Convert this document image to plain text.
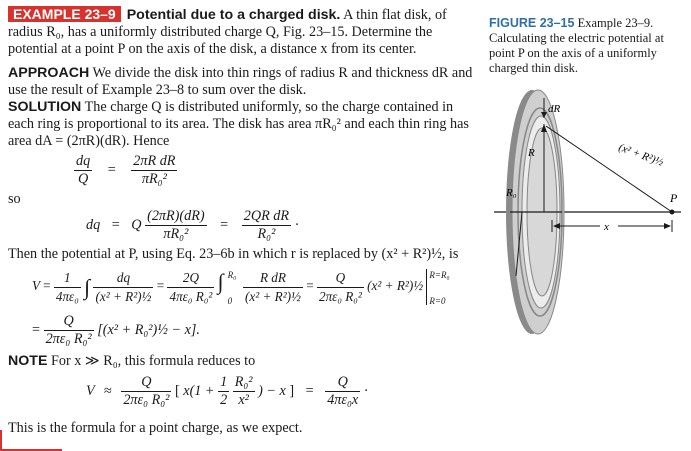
EXAMPLE 23–9 Potential due to a charged disk. A thin flat disk, of radius R₀, has a uniformly distributed charge Q, Fig. 23–15. Determine the potential at a point P on the axis of the disk, a distance x from its center.

APPROACH We divide the disk into thin rings of radius R and thickness dR and use the result of Example 23–8 to sum over the disk.

SOLUTION The charge Q is distributed uniformly, so the charge contained in each ring is proportional to its area. The disk has area πR₀² and each thin ring has area dA = (2πR)(dR). Hence

$\frac{dq}{Q} = \frac{\text{2πR dR}}{\text{πR₀²}}$

so

dq = Q $\frac{(2\pi R)(dR)}{\text{πR₀²}} = \frac{\text{2QR dR}}{\text{R₀²}}$ ·

Then the potential at P, using Eq. 23–6b in which r is replaced by (x² + R²)½, is

$V = \frac{1}{\text{4πε₀}}$ ∫ $\frac{dq}{\text{(x² + R²)½}} = \frac{2Q}{\text{4πε₀ R₀²}}$
∫ R₀
0
$\frac{\text{R dR}}{\text{(x² + R²)½}} = \frac{Q}{\text{2πε₀ R₀²}} (x^2$ + R²)½
R=R₀
R=0
= $\frac{Q}{\text{2πε₀ R₀²}} [(x^2$ + R₀²)½ − x].

NOTE For x ≫ R₀, this formula reduces to

$V \approx \frac{Q}{\text{2πε₀ R₀²}}$ [ $x(1 + \frac{1}{2}$
$\frac{\text{R₀²}}{\text{x²}}$ ) − x ] = $\frac{Q}{\text{4πε₀x}}$ ·

This is the formula for a point charge, as we expect.

FIGURE 23–15 Example 23–9. Calculating the electric potential at point P on the axis of a uniformly charged thin disk.
dR
R
R₀
(x² + R²)½
P
x
